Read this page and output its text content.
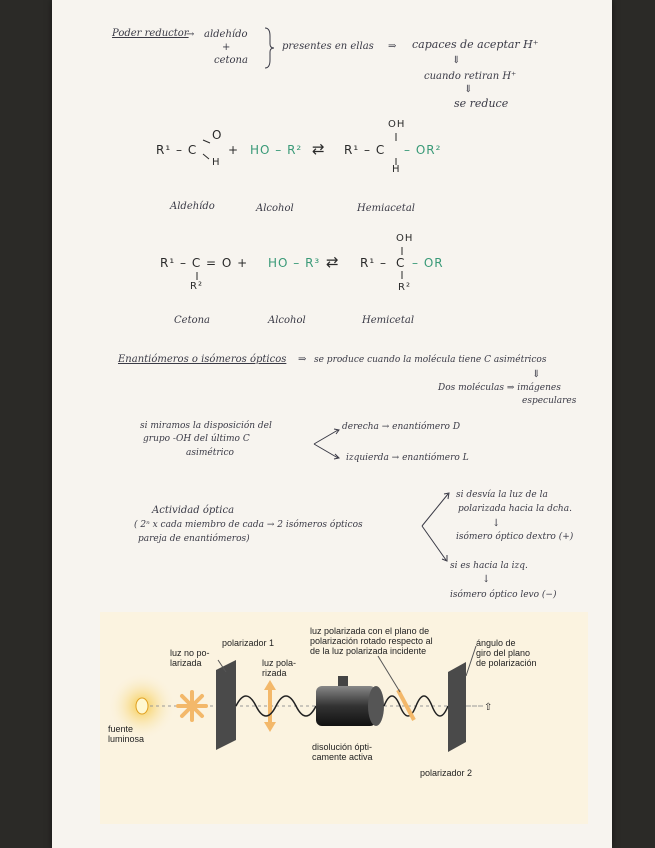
Poder reductor
→ aldehído
+
cetona
presentes en ellas ⇒ capaces de aceptar H⁺
⇓
cuando retiran H⁺
⇓
se reduce
R¹ – C
O
H
+ HO – R² ⇄ R¹ – C
OH
H
– OR²
Aldehído	Alcohol	Hemiacetal
R¹ – C = O +
R²
HO – R³ ⇄ R¹ – C
OH
R²
– OR
Cetona	Alcohol	Hemicetal
Enantiómeros o isómeros ópticos ⇒ se produce cuando la molécula tiene C asimétricos
⇓
Dos moléculas ⇒ imágenes
especulares
si miramos la disposición del
grupo -OH del último C
asimétrico
derecha → enantiómero D
izquierda → enantiómero L
Actividad óptica
( 2ⁿ x cada miembro de cada → 2 isómeros ópticos
pareja de enantiómeros)
si desvía la luz de la
polarizada hacia la dcha.
↓
isómero óptico dextro (+)
si es hacia la izq.
↓
isómero óptico levo (−)
⇧
luz no po-
larizada
polarizador 1
luz pola-
rizada
luz polarizada con el plano de
polarización rotado respecto al
de la luz polarizada incidente
ángulo de
giro del plano
de polarización
fuente
luminosa
disolución ópti-
camente activa
polarizador 2
